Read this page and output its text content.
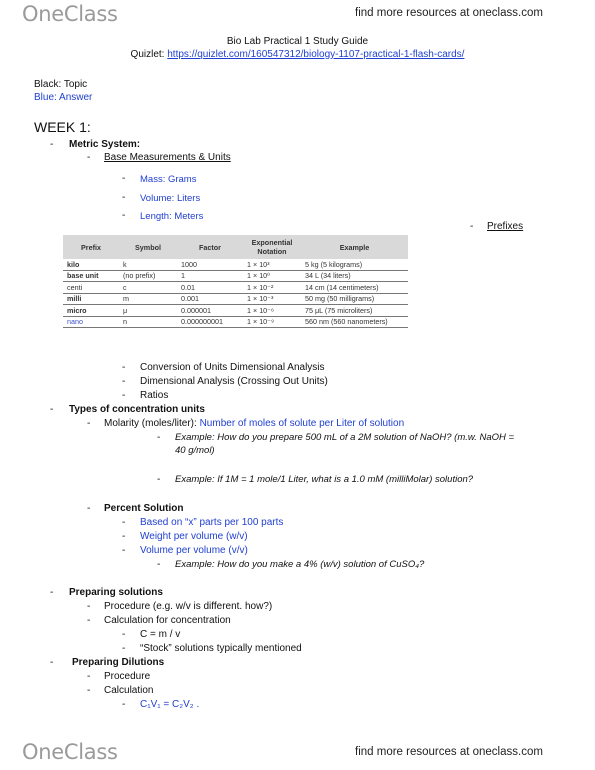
OneClass	find more resources at oneclass.com
Bio Lab Practical 1 Study Guide
Quizlet: https://quizlet.com/160547312/biology-1107-practical-1-flash-cards/
Black: Topic
Blue: Answer
WEEK 1:
- Metric System:
- Base Measurements & Units
- Mass: Grams
- Volume: Liters
- Length: Meters
- Prefixes
Prefix	Symbol	Factor	Exponential Notation	Example
kilo	k	1000	1 × 10³	5 kg (5 kilograms)
base unit	(no prefix)	1	1 × 10⁰	34 L (34 liters)
centi	c	0.01	1 × 10⁻²	14 cm (14 centimeters)
milli	m	0.001	1 × 10⁻³	50 mg (50 milligrams)
micro	μ	0.000001	1 × 10⁻⁶	75 μL (75 microliters)
nano	n	0.000000001	1 × 10⁻⁹	560 nm (560 nanometers)
- Conversion of Units Dimensional Analysis
- Dimensional Analysis (Crossing Out Units)
- Ratios
- Types of concentration units
- Molarity (moles/liter): Number of moles of solute per Liter of solution
- Example: How do you prepare 500 mL of a 2M solution of NaOH? (m.w. NaOH =
40 g/mol)
- Example: If 1M = 1 mole/1 Liter, what is a 1.0 mM (milliMolar) solution?
- Percent Solution
- Based on “x” parts per 100 parts
- Weight per volume (w/v)
- Volume per volume (v/v)
- Example: How do you make a 4% (w/v) solution of CuSO₄?
- Preparing solutions
- Procedure (e.g. w/v is different. how?)
- Calculation for concentration
- C = m / v
- “Stock” solutions typically mentioned
- Preparing Dilutions
- Procedure
- Calculation
- C₁V₁ = C₂V₂ .
OneClass	find more resources at oneclass.com
